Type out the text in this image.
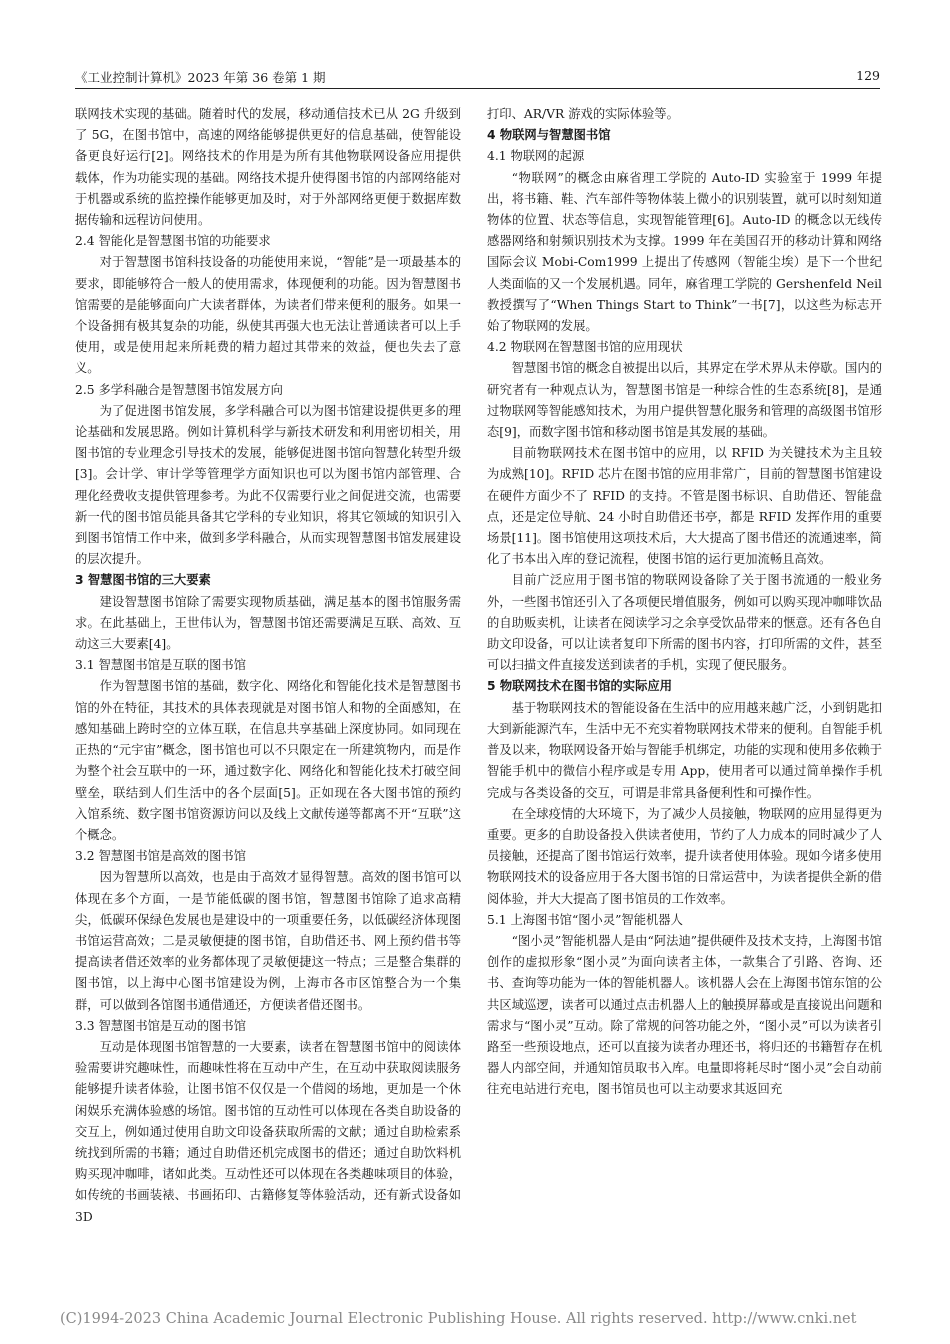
《工业控制计算机》2023 年第 36 卷第 1 期	129

联网技术实现的基础。随着时代的发展，移动通信技术已从 2G 升级到了 5G，在图书馆中，高速的网络能够提供更好的信息基础，使智能设备更良好运行[2]。网络技术的作用是为所有其他物联网设备应用提供载体，作为功能实现的基础。网络技术提升使得图书馆的内部网络能对于机器或系统的监控操作能够更加及时，对于外部网络更便于数据库数据传输和远程访问使用。

2.4 智能化是智慧图书馆的功能要求

对于智慧图书馆科技设备的功能使用来说，“智能”是一项最基本的要求，即能够符合一般人的使用需求，体现便利的功能。因为智慧图书馆需要的是能够面向广大读者群体，为读者们带来便利的服务。如果一个设备拥有极其复杂的功能，纵使其再强大也无法让普通读者可以上手使用，或是使用起来所耗费的精力超过其带来的效益，便也失去了意义。

2.5 多学科融合是智慧图书馆发展方向

为了促进图书馆发展，多学科融合可以为图书馆建设提供更多的理论基础和发展思路。例如计算机科学与新技术研发和利用密切相关，用图书馆的专业理念引导技术的发展，能够促进图书馆向智慧化转型升级[3]。会计学、审计学等管理学方面知识也可以为图书馆内部管理、合理化经费收支提供管理参考。为此不仅需要行业之间促进交流，也需要新一代的图书馆员能具备其它学科的专业知识，将其它领域的知识引入到图书馆情工作中来，做到多学科融合，从而实现智慧图书馆发展建设的层次提升。

3 智慧图书馆的三大要素

建设智慧图书馆除了需要实现物质基础，满足基本的图书馆服务需求。在此基础上，王世伟认为，智慧图书馆还需要满足互联、高效、互动这三大要素[4]。

3.1 智慧图书馆是互联的图书馆

作为智慧图书馆的基础，数字化、网络化和智能化技术是智慧图书馆的外在特征，其技术的具体表现就是对图书馆人和物的全面感知，在感知基础上跨时空的立体互联，在信息共享基础上深度协同。如同现在正热的“元宇宙”概念，图书馆也可以不只限定在一所建筑物内，而是作为整个社会互联中的一环，通过数字化、网络化和智能化技术打破空间壁垒，联结到人们生活中的各个层面[5]。正如现在各大图书馆的预约入馆系统、数字图书馆资源访问以及线上文献传递等都离不开“互联”这个概念。

3.2 智慧图书馆是高效的图书馆

因为智慧所以高效，也是由于高效才显得智慧。高效的图书馆可以体现在多个方面，一是节能低碳的图书馆，智慧图书馆除了追求高精尖，低碳环保绿色发展也是建设中的一项重要任务，以低碳经济体现图书馆运营高效；二是灵敏便捷的图书馆，自助借还书、网上预约借书等提高读者借还效率的业务都体现了灵敏便捷这一特点；三是整合集群的图书馆，以上海中心图书馆建设为例，上海市各市区馆整合为一个集群，可以做到各馆图书通借通还，方便读者借还图书。

3.3 智慧图书馆是互动的图书馆

互动是体现图书馆智慧的一大要素，读者在智慧图书馆中的阅读体验需要讲究趣味性，而趣味性将在互动中产生，在互动中获取阅读服务能够提升读者体验，让图书馆不仅仅是一个借阅的场地，更加是一个休闲娱乐充满体验感的场馆。图书馆的互动性可以体现在各类自助设备的交互上，例如通过使用自助文印设备获取所需的文献；通过自助检索系统找到所需的书籍；通过自助借还机完成图书的借还；通过自助饮料机购买现冲咖啡，诸如此类。互动性还可以体现在各类趣味项目的体验，如传统的书画装裱、书画拓印、古籍修复等体验活动，还有新式设备如 3D

打印、AR/VR 游戏的实际体验等。

4 物联网与智慧图书馆

4.1 物联网的起源

“物联网”的概念由麻省理工学院的 Auto-ID 实验室于 1999 年提出，将书籍、鞋、汽车部件等物体装上微小的识别装置，就可以时刻知道物体的位置、状态等信息，实现智能管理[6]。Auto-ID 的概念以无线传感器网络和射频识别技术为支撑。1999 年在美国召开的移动计算和网络国际会议 Mobi-Com1999 上提出了传感网（智能尘埃）是下一个世纪人类面临的又一个发展机遇。同年，麻省理工学院的 Gershenfeld Neil 教授撰写了“When Things Start to Think”一书[7]，以这些为标志开始了物联网的发展。

4.2 物联网在智慧图书馆的应用现状

智慧图书馆的概念自被提出以后，其界定在学术界从未停歇。国内的研究者有一种观点认为，智慧图书馆是一种综合性的生态系统[8]，是通过物联网等智能感知技术，为用户提供智慧化服务和管理的高级图书馆形态[9]，而数字图书馆和移动图书馆是其发展的基础。

目前物联网技术在图书馆中的应用，以 RFID 为关键技术为主且较为成熟[10]。RFID 芯片在图书馆的应用非常广，目前的智慧图书馆建设在硬件方面少不了 RFID 的支持。不管是图书标识、自助借还、智能盘点，还是定位导航、24 小时自助借还书亭，都是 RFID 发挥作用的重要场景[11]。图书馆使用这项技术后，大大提高了图书借还的流通速率，简化了书本出入库的登记流程，使图书馆的运行更加流畅且高效。

目前广泛应用于图书馆的物联网设备除了关于图书流通的一般业务外，一些图书馆还引入了各项便民增值服务，例如可以购买现冲咖啡饮品的自助贩卖机，让读者在阅读学习之余享受饮品带来的惬意。还有各色自助文印设备，可以让读者复印下所需的图书内容，打印所需的文件，甚至可以扫描文件直接发送到读者的手机，实现了便民服务。

5 物联网技术在图书馆的实际应用

基于物联网技术的智能设备在生活中的应用越来越广泛，小到钥匙扣大到新能源汽车，生活中无不充实着物联网技术带来的便利。自智能手机普及以来，物联网设备开始与智能手机绑定，功能的实现和使用多依赖于智能手机中的微信小程序或是专用 App，使用者可以通过简单操作手机完成与各类设备的交互，可谓是非常具备便利性和可操作性。

在全球疫情的大环境下，为了减少人员接触，物联网的应用显得更为重要。更多的自助设备投入供读者使用，节约了人力成本的同时减少了人员接触，还提高了图书馆运行效率，提升读者使用体验。现如今诸多使用物联网技术的设备应用于各大图书馆的日常运营中，为读者提供全新的借阅体验，并大大提高了图书馆员的工作效率。

5.1 上海图书馆“图小灵”智能机器人

“图小灵”智能机器人是由“阿法迪”提供硬件及技术支持，上海图书馆创作的虚拟形象“图小灵”为面向读者主体，一款集合了引路、咨询、还书、查询等功能为一体的智能机器人。该机器人会在上海图书馆东馆的公共区域巡逻，读者可以通过点击机器人上的触摸屏幕或是直接说出问题和需求与“图小灵”互动。除了常规的问答功能之外，“图小灵”可以为读者引路至一些预设地点，还可以直接为读者办理还书，将归还的书籍暂存在机器人内部空间，并通知馆员取书入库。电量即将耗尽时“图小灵”会自动前往充电站进行充电，图书馆员也可以主动要求其返回充

(C)1994-2023 China Academic Journal Electronic Publishing House. All rights reserved. http://www.cnki.net
